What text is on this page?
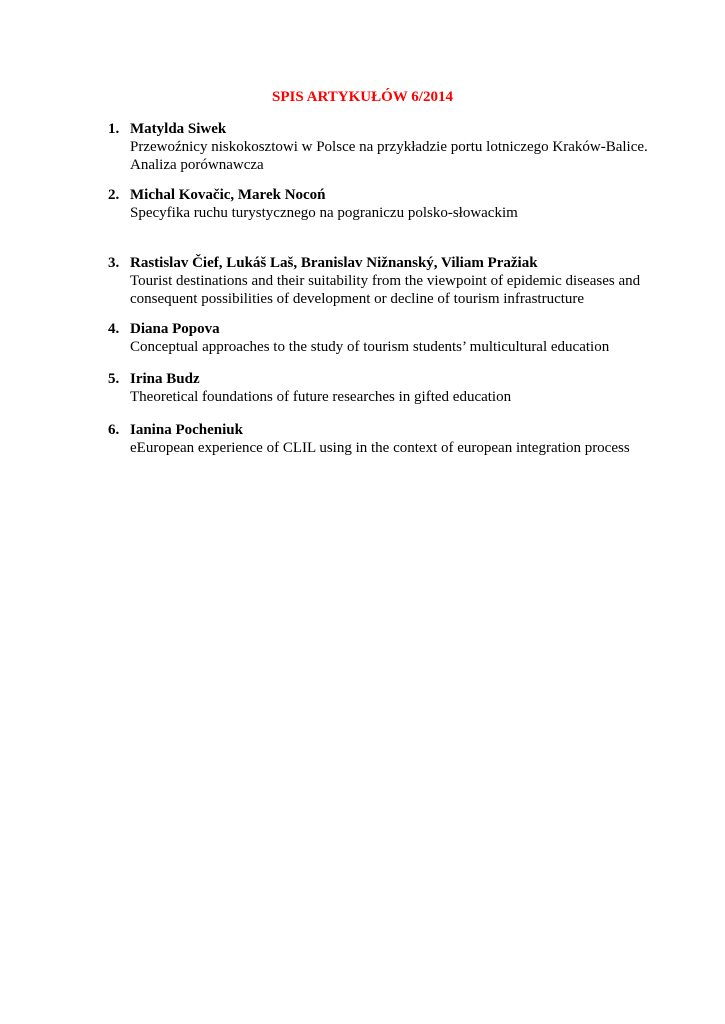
SPIS ARTYKUŁÓW 6/2014
1. Matylda Siwek
Przewoźnicy niskokosztowi w Polsce na przykładzie portu lotniczego Kraków-Balice.
Analiza porównawcza
2. Michal Kovačic, Marek Nocoń
Specyfika ruchu turystycznego na pograniczu polsko-słowackim
3. Rastislav Čief, Lukáš Laš, Branislav Nižnanský, Viliam Pražiak
Tourist destinations and their suitability from the viewpoint of epidemic diseases and
consequent possibilities of development or decline of tourism infrastructure
4. Diana Popova
Conceptual approaches to the study of tourism students’ multicultural education
5. Irina Budz
Theoretical foundations of future researches in gifted education
6. Ianina Pocheniuk
eEuropean experience of CLIL using in the context of european integration process
